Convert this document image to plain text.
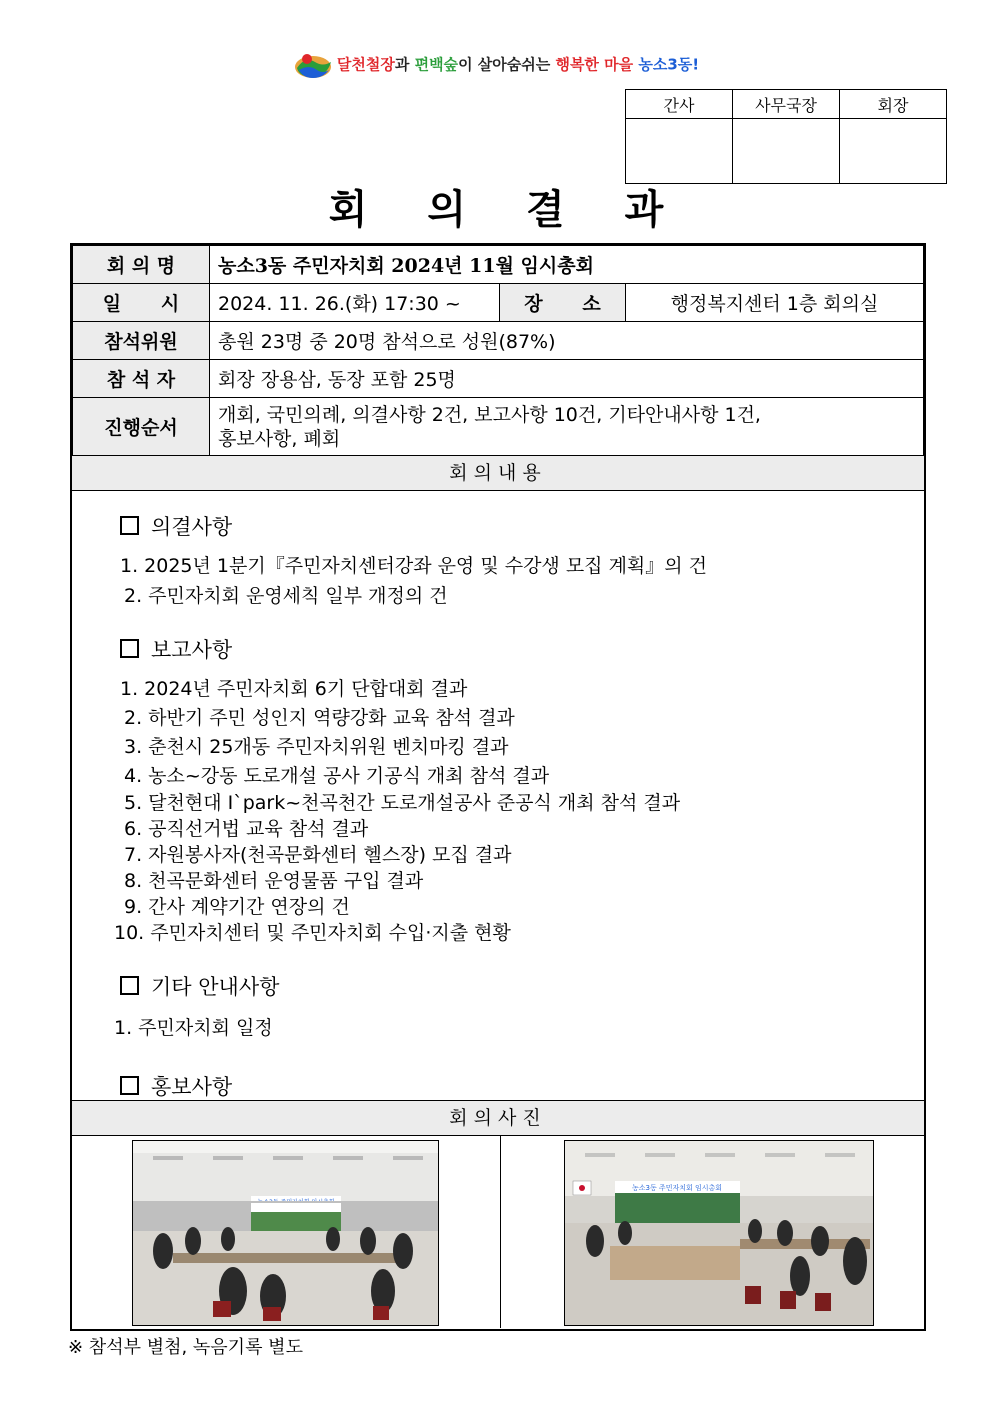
달천철장과 편백숲이 살아숨쉬는 행복한 마을 농소3동!
간사	사무국장	회장

회의결과
회 의 명	농소3동 주민자치회 2024년 11월 임시총회		
일      시	2024. 11. 26.(화) 17:30 ~	장      소	행정복지센터 1층 회의실
참석위원	총원 23명 중 20명 참석으로 성원(87%)		
참 석 자	회장 장용삼, 동장 포함 25명		
진행순서	개회, 국민의례, 의결사항 2건, 보고사항 10건, 기타안내사항 1건,
홍보사항, 폐회		
회의내용
의결사항
1. 2025년 1분기『주민자치센터강좌 운영 및 수강생 모집 계획』의 건
2. 주민자치회 운영세칙 일부 개정의 건
보고사항
1. 2024년 주민자치회 6기 단합대회 결과
2. 하반기 주민 성인지 역량강화 교육 참석 결과
3. 춘천시 25개동 주민자치위원 벤치마킹 결과
4. 농소~강동 도로개설 공사 기공식 개최 참석 결과
5. 달천현대 I`park~천곡천간 도로개설공사 준공식 개최 참석 결과
6. 공직선거법 교육 참석 결과
7. 자원봉사자(천곡문화센터 헬스장) 모집 결과
8. 천곡문화센터 운영물품 구입 결과
9. 간사 계약기간 연장의 건
10. 주민자치센터 및 주민자치회 수입·지출 현황
기타 안내사항
1. 주민자치회 일정
홍보사항
회의사진
농소3동 주민자치회 임시총회
※ 참석부 별첨, 녹음기록 별도
